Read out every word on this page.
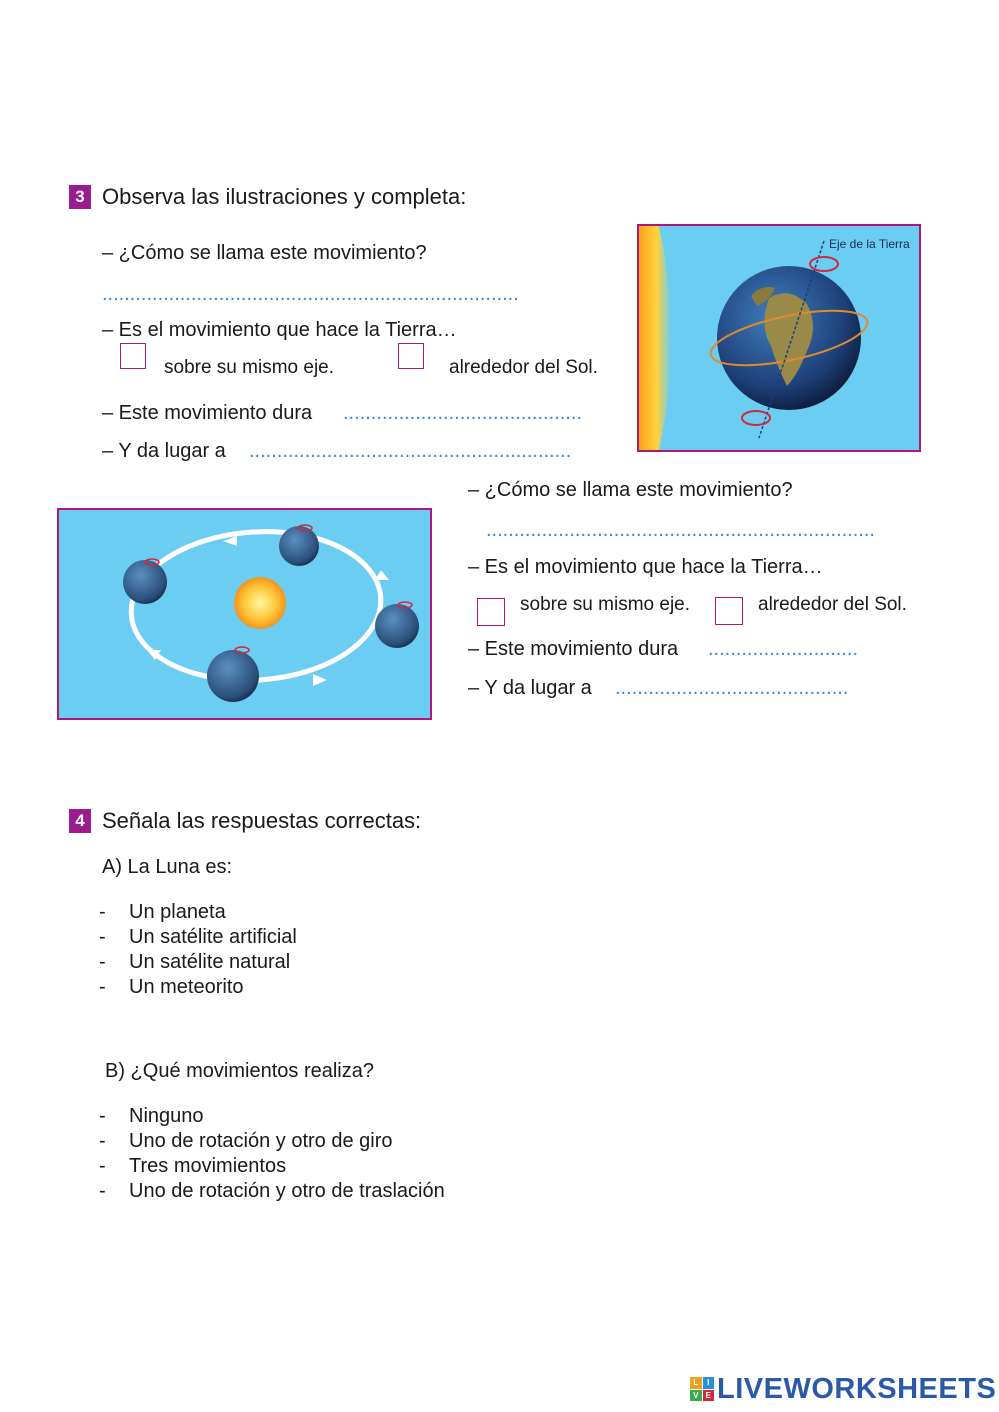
3 Observa las ilustraciones y completa:
– ¿Cómo se llama este movimiento?
...........................................................................
– Es el movimiento que hace la Tierra…
sobre su mismo eje.	alrededor del Sol.
– Este movimiento dura ...........................................
– Y da lugar a ..........................................................
Eje de la Tierra
– ¿Cómo se llama este movimiento?
......................................................................
– Es el movimiento que hace la Tierra…
sobre su mismo eje.	alrededor del Sol.
– Este movimiento dura ...........................
– Y da lugar a ..........................................
4 Señala las respuestas correctas:
A) La Luna es:
-	Un planeta
-	Un satélite artificial
-	Un satélite natural
-	Un meteorito
B) ¿Qué movimientos realiza?
-	Ninguno
-	Uno de rotación y otro de giro
-	Tres movimientos
-	Uno de rotación y otro de traslación
L	I
V E LIVEWORKSHEETS
